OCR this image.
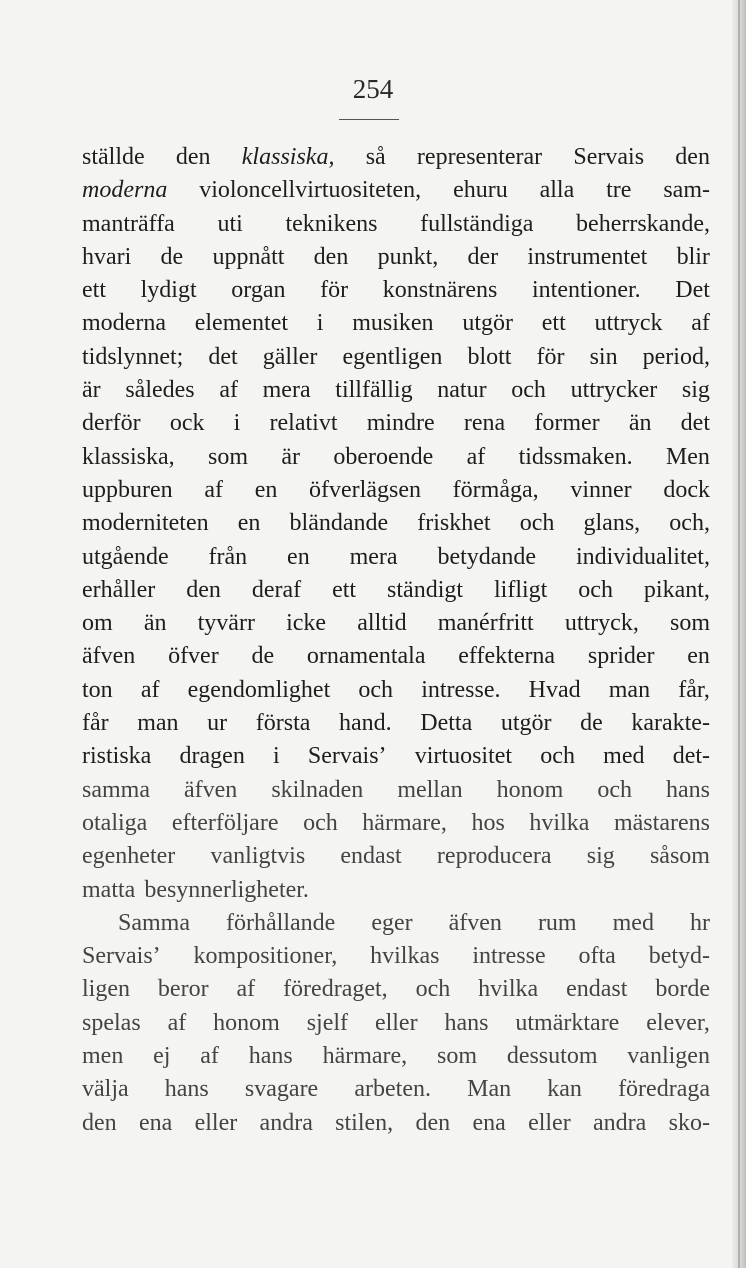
254
ställde den klassiska, så representerar Servais den
moderna violoncellvirtuositeten, ehuru alla tre sam-
manträffa uti teknikens fullständiga beherrskande,
hvari de uppnått den punkt, der instrumentet blir
ett lydigt organ för konstnärens intentioner. Det
moderna elementet i musiken utgör ett uttryck af
tidslynnet; det gäller egentligen blott för sin period,
är således af mera tillfällig natur och uttrycker sig
derför ock i relativt mindre rena former än det
klassiska, som är oberoende af tidssmaken. Men
uppburen af en öfverlägsen förmåga, vinner dock
moderniteten en bländande friskhet och glans, och,
utgående från en mera betydande individualitet,
erhåller den deraf ett ständigt lifligt och pikant,
om än tyvärr icke alltid manérfritt uttryck, som
äfven öfver de ornamentala effekterna sprider en
ton af egendomlighet och intresse. Hvad man får,
får man ur första hand. Detta utgör de karakte-
ristiska dragen i Servais’ virtuositet och med det-
samma äfven skilnaden mellan honom och hans
otaliga efterföljare och härmare, hos hvilka mästarens
egenheter vanligtvis endast reproducera sig såsom
matta besynnerligheter.
Samma förhållande eger äfven rum med hr
Servais’ kompositioner, hvilkas intresse ofta betyd-
ligen beror af föredraget, och hvilka endast borde
spelas af honom sjelf eller hans utmärktare elever,
men ej af hans härmare, som dessutom vanligen
välja hans svagare arbeten. Man kan föredraga
den ena eller andra stilen, den ena eller andra sko-
